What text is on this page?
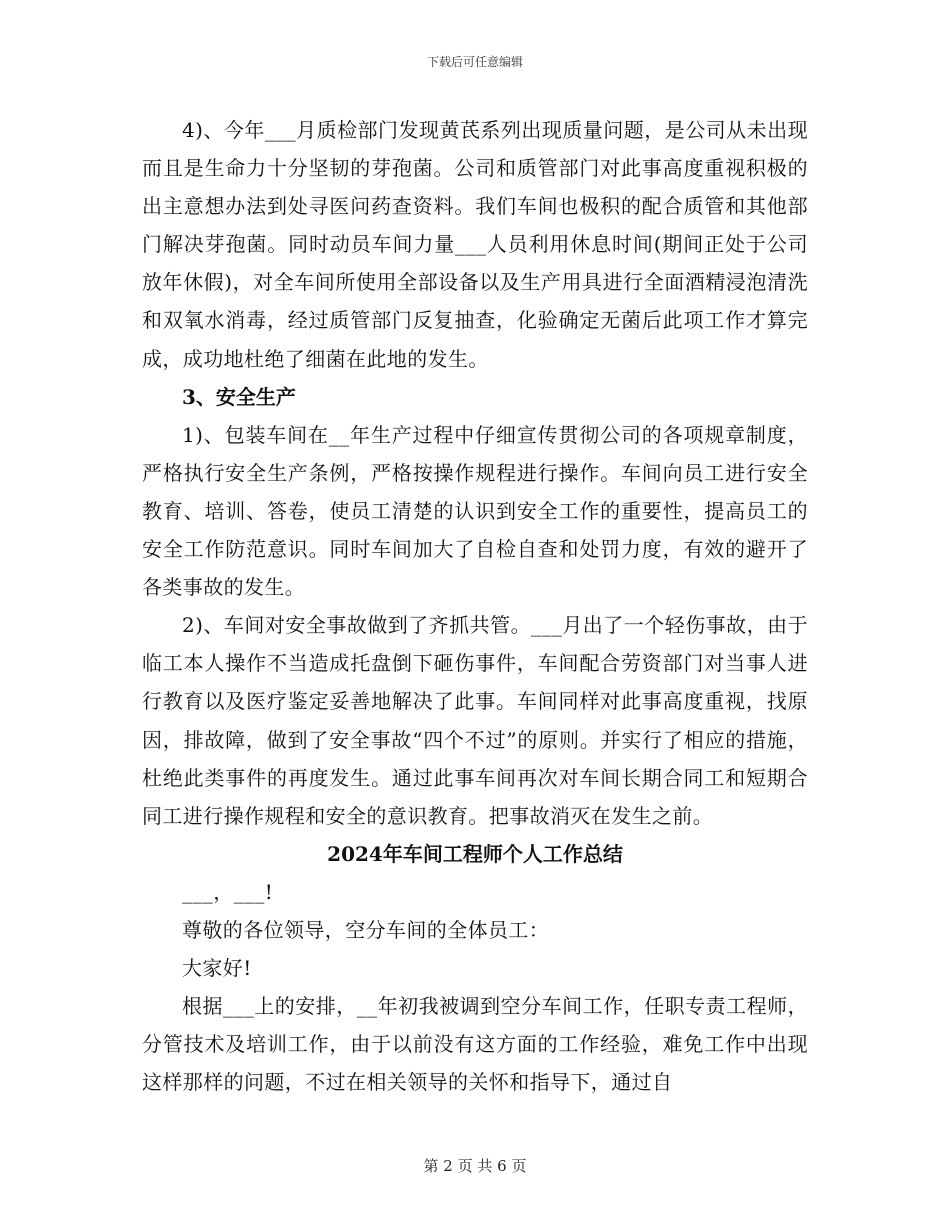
下载后可任意编辑

4)、今年___月质检部门发现黄芪系列出现质量问题，是公司从未出现而且是生命力十分坚韧的芽孢菌。公司和质管部门对此事高度重视积极的出主意想办法到处寻医问药查资料。我们车间也极积的配合质管和其他部门解决芽孢菌。同时动员车间力量___人员利用休息时间(期间正处于公司放年休假)，对全车间所使用全部设备以及生产用具进行全面酒精浸泡清洗和双氧水消毒，经过质管部门反复抽查，化验确定无菌后此项工作才算完成，成功地杜绝了细菌在此地的发生。

3、安全生产

1)、包装车间在__年生产过程中仔细宣传贯彻公司的各项规章制度，严格执行安全生产条例，严格按操作规程进行操作。车间向员工进行安全教育、培训、答卷，使员工清楚的认识到安全工作的重要性，提高员工的安全工作防范意识。同时车间加大了自检自查和处罚力度，有效的避开了各类事故的发生。

2)、车间对安全事故做到了齐抓共管。___月出了一个轻伤事故，由于临工本人操作不当造成托盘倒下砸伤事件，车间配合劳资部门对当事人进行教育以及医疗鉴定妥善地解决了此事。车间同样对此事高度重视，找原因，排故障，做到了安全事故“四个不过”的原则。并实行了相应的措施，杜绝此类事件的再度发生。通过此事车间再次对车间长期合同工和短期合同工进行操作规程和安全的意识教育。把事故消灭在发生之前。

2024年车间工程师个人工作总结

___，___!

尊敬的各位领导，空分车间的全体员工：

大家好!

根据___上的安排，__年初我被调到空分车间工作，任职专责工程师，分管技术及培训工作，由于以前没有这方面的工作经验，难免工作中出现这样那样的问题，不过在相关领导的关怀和指导下，通过自

第 2 页 共 6 页
